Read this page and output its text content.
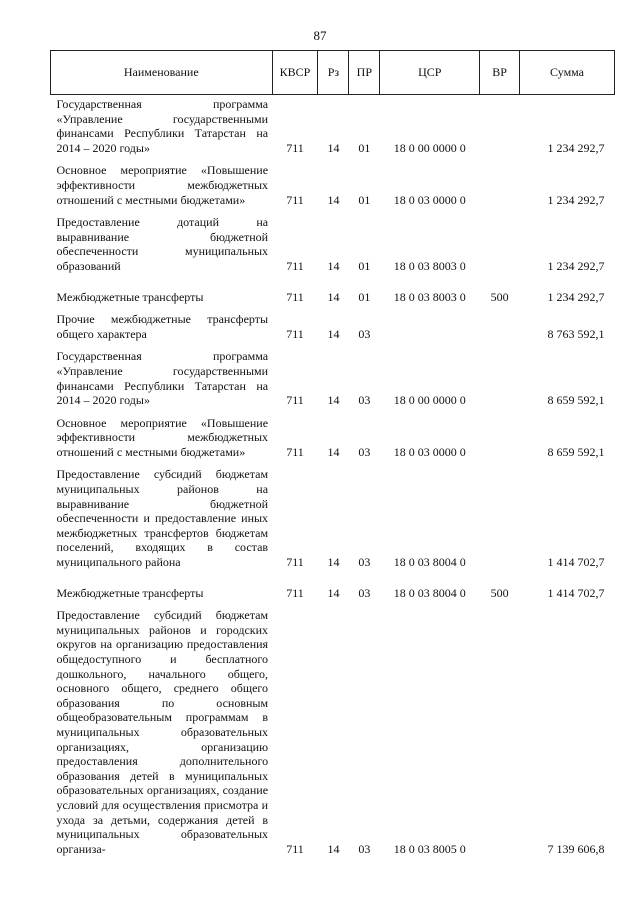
87
Наименование	КВСР	Рз	ПР	ЦСР	ВР	Сумма
Государственная программа «Управление государственными финансами Республики Татарстан на 2014 – 2020 годы»	711	14	01	18 0 00 0000 0		1 234 292,7
Основное мероприятие «Повышение эффективности межбюджетных отношений с местными бюджетами»	711	14	01	18 0 03 0000 0		1 234 292,7
Предоставление дотаций на выравнивание бюджетной обеспеченности муниципальных образований	711	14	01	18 0 03 8003 0		1 234 292,7
Межбюджетные трансферты	711	14	01	18 0 03 8003 0	500	1 234 292,7
Прочие межбюджетные трансферты общего характера	711	14	03			8 763 592,1
Государственная программа «Управление государственными финансами Республики Татарстан на 2014 – 2020 годы»	711	14	03	18 0 00 0000 0		8 659 592,1
Основное мероприятие «Повышение эффективности межбюджетных отношений с местными бюджетами»	711	14	03	18 0 03 0000 0		8 659 592,1
Предоставление субсидий бюджетам муниципальных районов на выравнивание бюджетной обеспеченности и предоставление иных межбюджетных трансфертов бюджетам поселений, входящих в состав муниципального района	711	14	03	18 0 03 8004 0		1 414 702,7
Межбюджетные трансферты	711	14	03	18 0 03 8004 0	500	1 414 702,7
Предоставление субсидий бюджетам муниципальных районов и городских округов на организацию предоставления общедоступного и бесплатного дошкольного, начального общего, основного общего, среднего общего образования по основным общеобразовательным программам в муниципальных образовательных организациях, организацию предоставления дополнительного образования детей в муниципальных образовательных организациях, создание условий для осуществления присмотра и ухода за детьми, содержания детей в муниципальных образовательных организа-	711	14	03	18 0 03 8005 0		7 139 606,8
